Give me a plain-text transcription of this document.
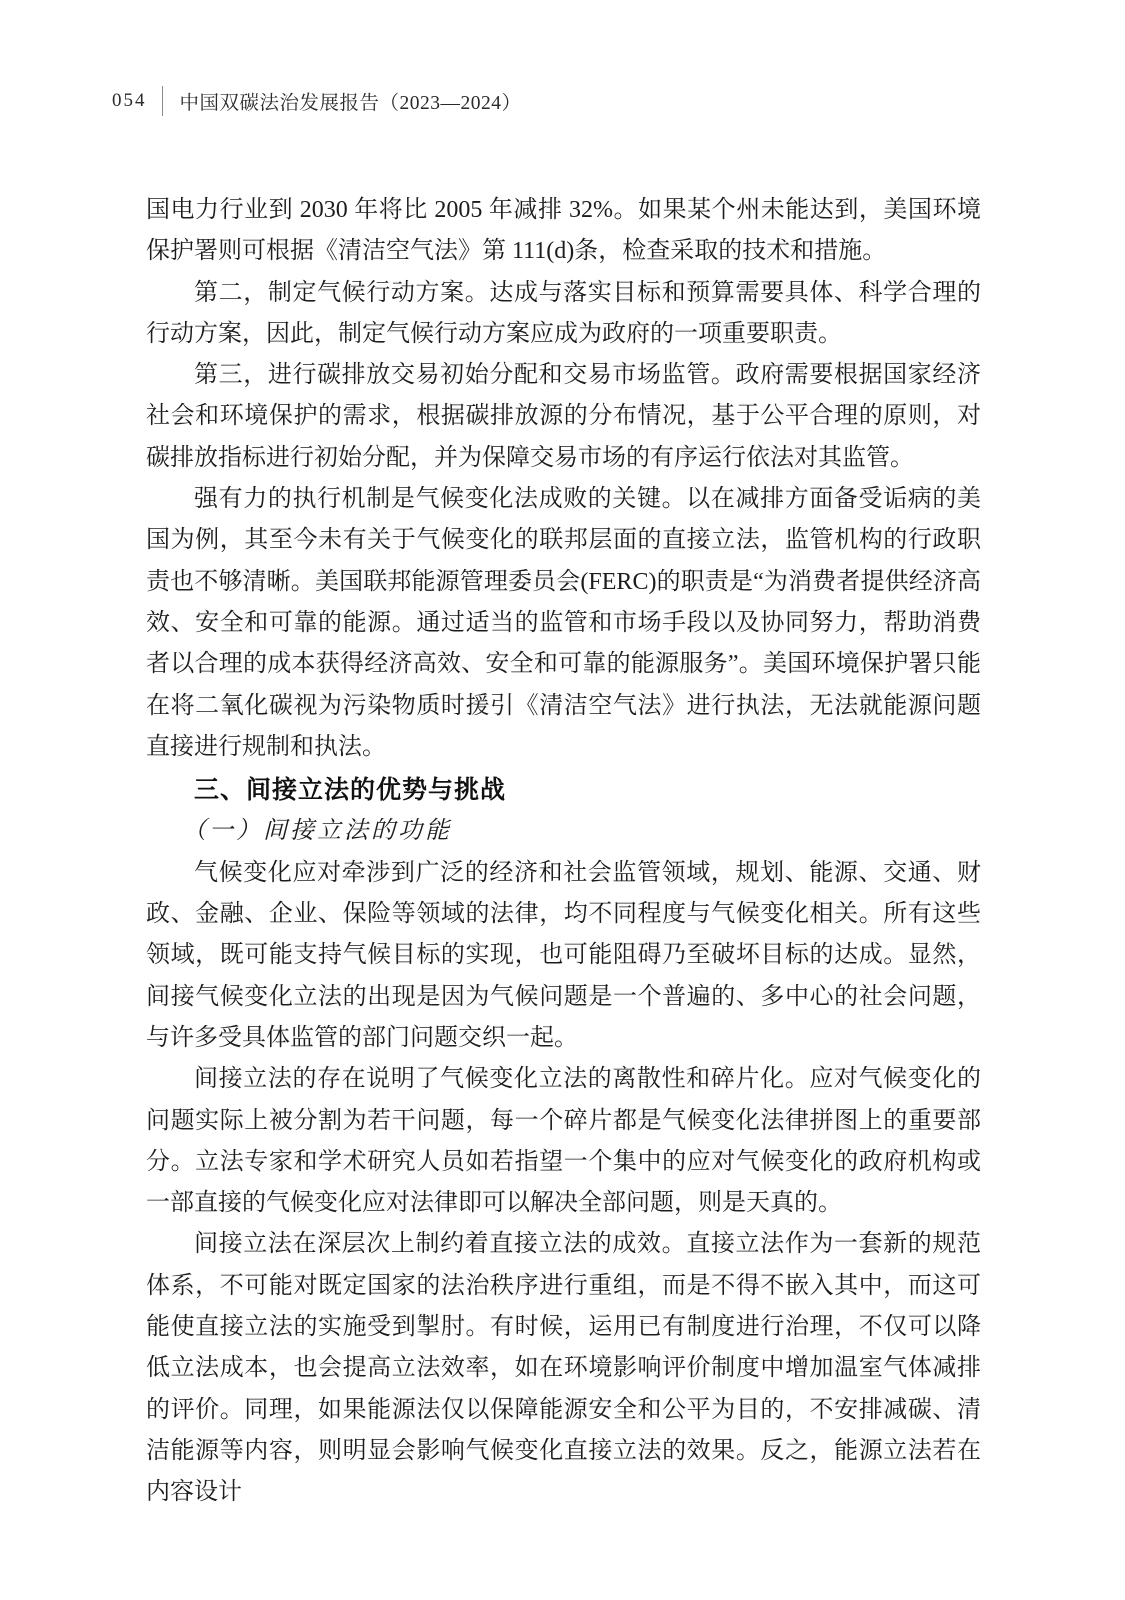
054 中国双碳法治发展报告（2023—2024）

国电力行业到 2030 年将比 2005 年减排 32%。如果某个州未能达到，美国环境保护署则可根据《清洁空气法》第 111(d)条，检查采取的技术和措施。

第二，制定气候行动方案。达成与落实目标和预算需要具体、科学合理的行动方案，因此，制定气候行动方案应成为政府的一项重要职责。

第三，进行碳排放交易初始分配和交易市场监管。政府需要根据国家经济社会和环境保护的需求，根据碳排放源的分布情况，基于公平合理的原则，对碳排放指标进行初始分配，并为保障交易市场的有序运行依法对其监管。

强有力的执行机制是气候变化法成败的关键。以在减排方面备受诟病的美国为例，其至今未有关于气候变化的联邦层面的直接立法，监管机构的行政职责也不够清晰。美国联邦能源管理委员会(FERC)的职责是“为消费者提供经济高效、安全和可靠的能源。通过适当的监管和市场手段以及协同努力，帮助消费者以合理的成本获得经济高效、安全和可靠的能源服务”。美国环境保护署只能在将二氧化碳视为污染物质时援引《清洁空气法》进行执法，无法就能源问题直接进行规制和执法。

三、间接立法的优势与挑战
（一）间接立法的功能

气候变化应对牵涉到广泛的经济和社会监管领域，规划、能源、交通、财政、金融、企业、保险等领域的法律，均不同程度与气候变化相关。所有这些领域，既可能支持气候目标的实现，也可能阻碍乃至破坏目标的达成。显然，间接气候变化立法的出现是因为气候问题是一个普遍的、多中心的社会问题，与许多受具体监管的部门问题交织一起。

间接立法的存在说明了气候变化立法的离散性和碎片化。应对气候变化的问题实际上被分割为若干问题，每一个碎片都是气候变化法律拼图上的重要部分。立法专家和学术研究人员如若指望一个集中的应对气候变化的政府机构或一部直接的气候变化应对法律即可以解决全部问题，则是天真的。

间接立法在深层次上制约着直接立法的成效。直接立法作为一套新的规范体系，不可能对既定国家的法治秩序进行重组，而是不得不嵌入其中，而这可能使直接立法的实施受到掣肘。有时候，运用已有制度进行治理，不仅可以降低立法成本，也会提高立法效率，如在环境影响评价制度中增加温室气体减排的评价。同理，如果能源法仅以保障能源安全和公平为目的，不安排减碳、清洁能源等内容，则明显会影响气候变化直接立法的效果。反之，能源立法若在内容设计
